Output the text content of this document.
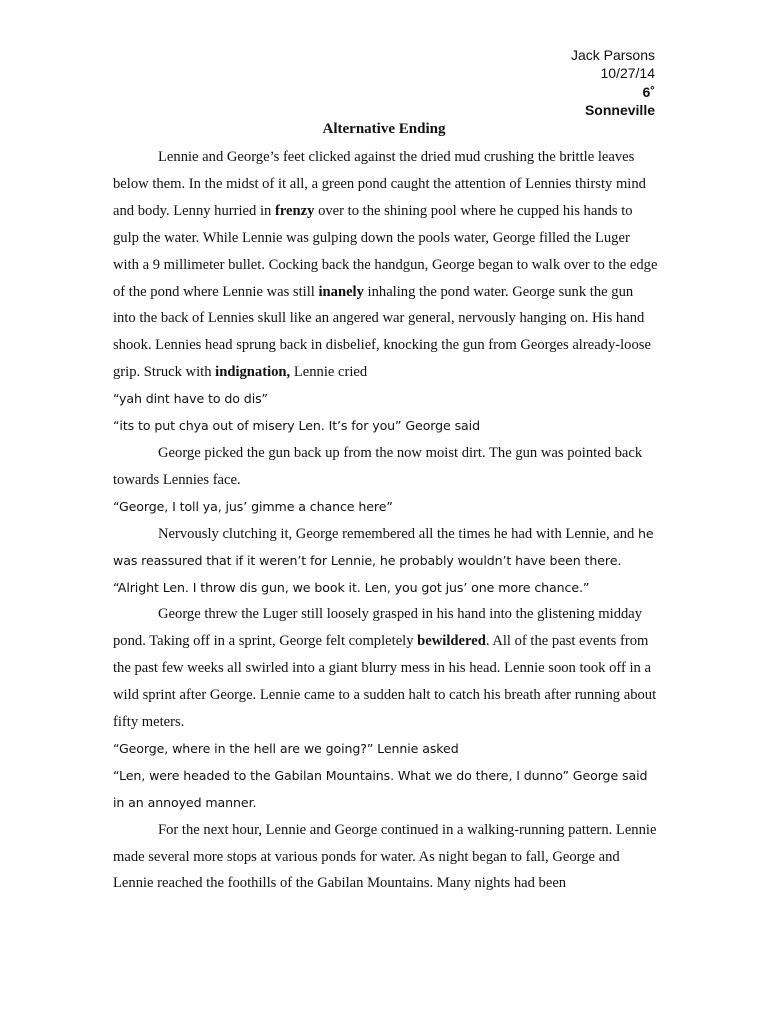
Jack Parsons
10/27/14
6˚
Sonneville
Alternative Ending

Lennie and George’s feet clicked against the dried mud crushing the brittle leaves below them. In the midst of it all, a green pond caught the attention of Lennies thirsty mind and body. Lenny hurried in frenzy over to the shining pool where he cupped his hands to gulp the water. While Lennie was gulping down the pools water, George filled the Luger with a 9 millimeter bullet. Cocking back the handgun, George began to walk over to the edge of the pond where Lennie was still inanely inhaling the pond water. George sunk the gun into the back of Lennies skull like an angered war general, nervously hanging on. His hand shook. Lennies head sprung back in disbelief, knocking the gun from Georges already-loose grip. Struck with indignation, Lennie cried

“yah dint have to do dis”

“its to put chya out of misery Len. It’s for you” George said

George picked the gun back up from the now moist dirt. The gun was pointed back towards Lennies face.

“George, I toll ya, jus’ gimme a chance here”

Nervously clutching it, George remembered all the times he had with Lennie, and he was reassured that if it weren’t for Lennie, he probably wouldn’t have been there.

“Alright Len. I throw dis gun, we book it. Len, you got jus’ one more chance.”

George threw the Luger still loosely grasped in his hand into the glistening midday pond. Taking off in a sprint, George felt completely bewildered. All of the past events from the past few weeks all swirled into a giant blurry mess in his head. Lennie soon took off in a wild sprint after George. Lennie came to a sudden halt to catch his breath after running about fifty meters.

“George, where in the hell are we going?” Lennie asked

“Len, were headed to the Gabilan Mountains. What we do there, I dunno” George said in an annoyed manner.

For the next hour, Lennie and George continued in a walking-running pattern. Lennie made several more stops at various ponds for water. As night began to fall, George and Lennie reached the foothills of the Gabilan Mountains. Many nights had been
